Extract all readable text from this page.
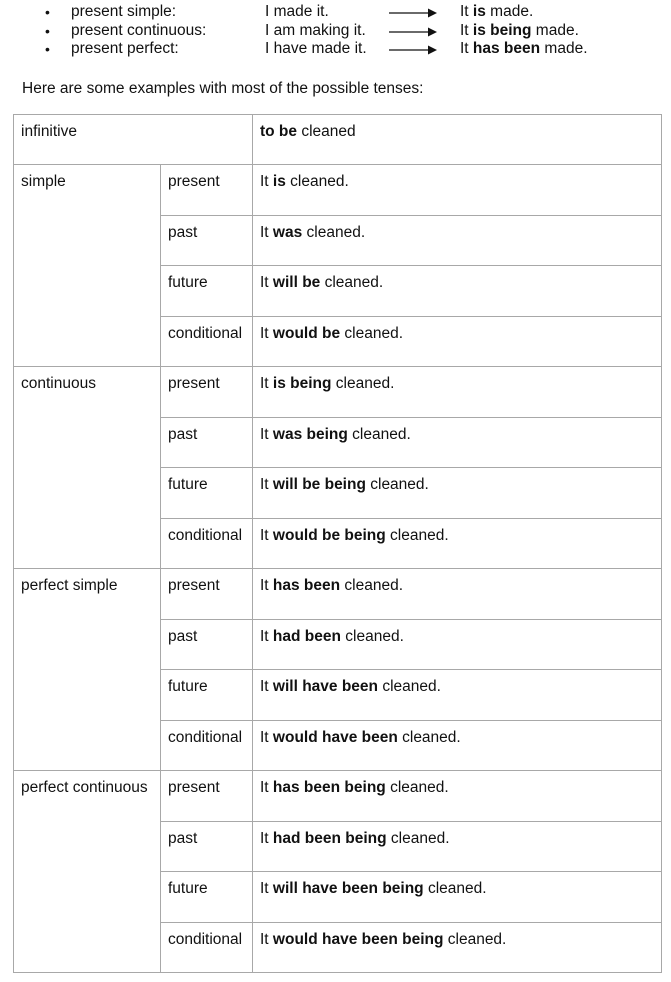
• present simple:	I made it.	It is made.
• present continuous:	I am making it.	It is being made.
• present perfect:	I have made it.	It has been made.
Here are some examples with most of the possible tenses:
infinitive		to be cleaned
simple	present	It is cleaned.
	past	It was cleaned.
	future	It will be cleaned.
	conditional	It would be cleaned.
continuous	present	It is being cleaned.
	past	It was being cleaned.
	future	It will be being cleaned.
	conditional	It would be being cleaned.
perfect simple	present	It has been cleaned.
	past	It had been cleaned.
	future	It will have been cleaned.
	conditional	It would have been cleaned.
perfect continuous	present	It has been being cleaned.
	past	It had been being cleaned.
	future	It will have been being cleaned.
	conditional	It would have been being cleaned.
